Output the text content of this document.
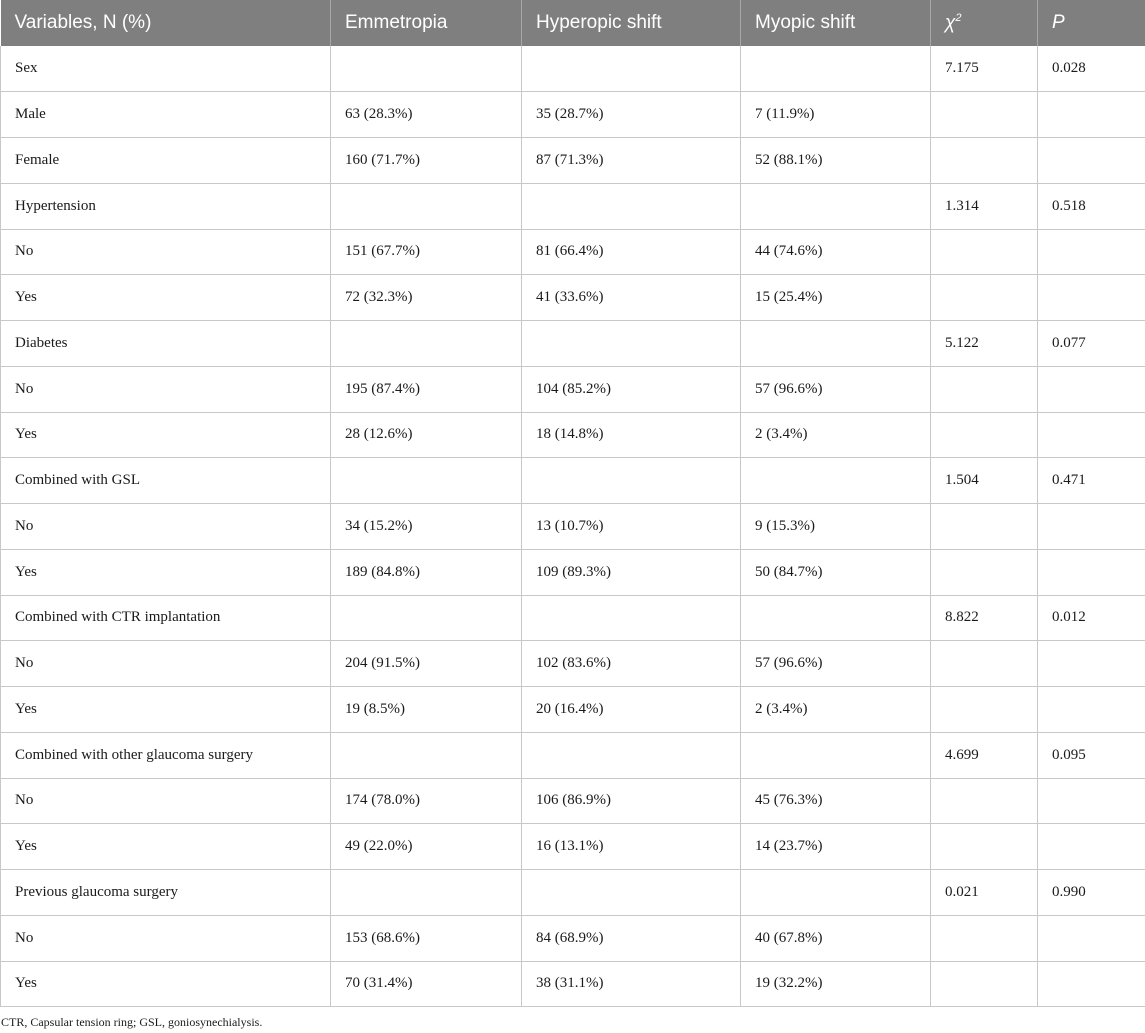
Variables, N (%)	Emmetropia	Hyperopic shift	Myopic shift	$\chi^2$	P
Sex				7.175	0.028
Male	63 (28.3%)	35 (28.7%)	7 (11.9%)		
Female	160 (71.7%)	87 (71.3%)	52 (88.1%)		
Hypertension				1.314	0.518
No	151 (67.7%)	81 (66.4%)	44 (74.6%)		
Yes	72 (32.3%)	41 (33.6%)	15 (25.4%)		
Diabetes				5.122	0.077
No	195 (87.4%)	104 (85.2%)	57 (96.6%)		
Yes	28 (12.6%)	18 (14.8%)	2 (3.4%)		
Combined with GSL				1.504	0.471
No	34 (15.2%)	13 (10.7%)	9 (15.3%)		
Yes	189 (84.8%)	109 (89.3%)	50 (84.7%)		
Combined with CTR implantation				8.822	0.012
No	204 (91.5%)	102 (83.6%)	57 (96.6%)		
Yes	19 (8.5%)	20 (16.4%)	2 (3.4%)		
Combined with other glaucoma surgery				4.699	0.095
No	174 (78.0%)	106 (86.9%)	45 (76.3%)		
Yes	49 (22.0%)	16 (13.1%)	14 (23.7%)		
Previous glaucoma surgery				0.021	0.990
No	153 (68.6%)	84 (68.9%)	40 (67.8%)		
Yes	70 (31.4%)	38 (31.1%)	19 (32.2%)		
CTR, Capsular tension ring; GSL, goniosynechialysis.
